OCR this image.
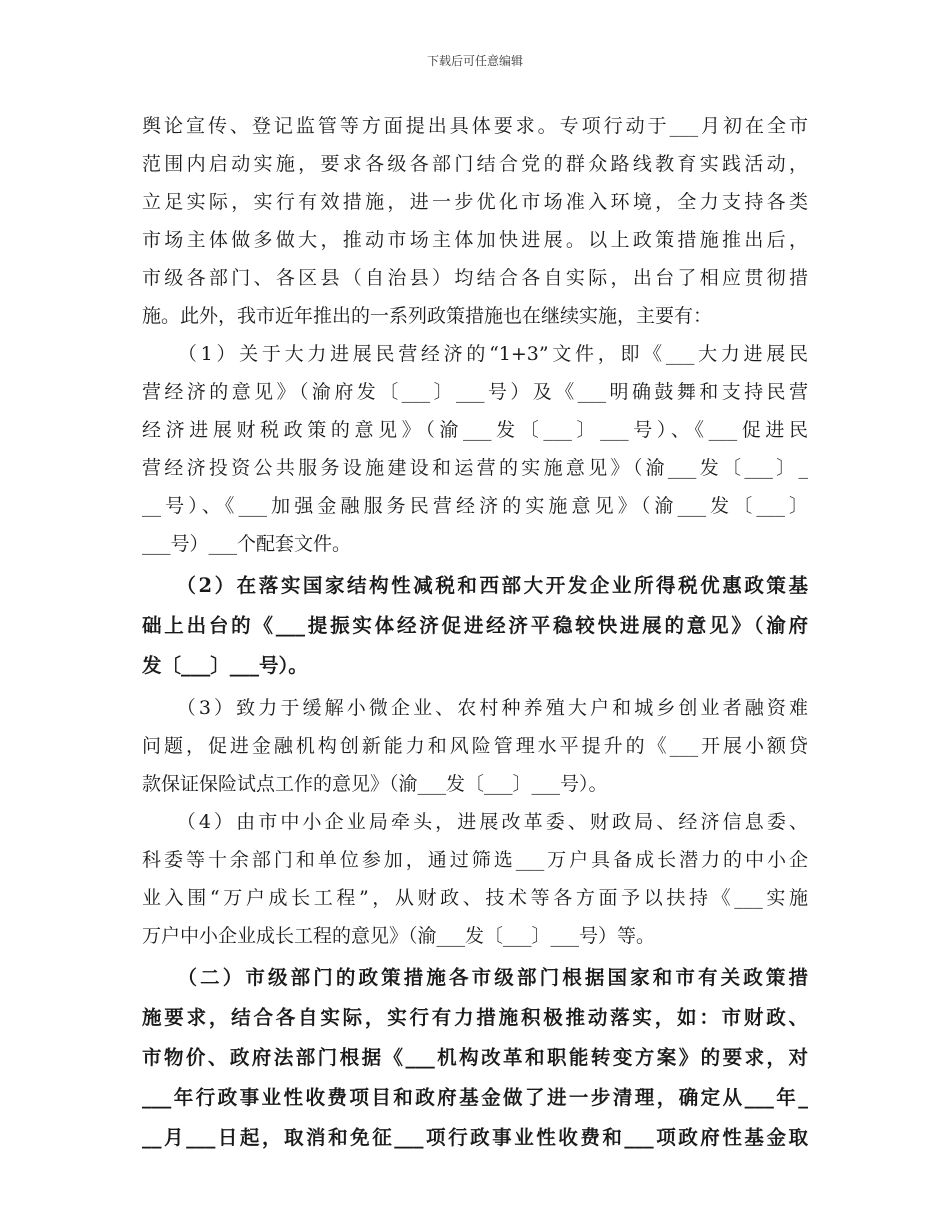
下载后可任意编辑
舆论宣传、登记监管等方面提出具体要求。专项行动于___月初在全市
范围内启动实施，要求各级各部门结合党的群众路线教育实践活动，
立足实际，实行有效措施，进一步优化市场准入环境，全力支持各类
市场主体做多做大，推动市场主体加快进展。以上政策措施推出后，
市级各部门、各区县（自治县）均结合各自实际，出台了相应贯彻措
施。此外，我市近年推出的一系列政策措施也在继续实施，主要有：
　　（1）关于大力进展民营经济的“1+3”文件，即《___大力进展民
营经济的意见》（渝府发〔___〕___号）及《___明确鼓舞和支持民营
经济进展财税政策的意见》（渝___发〔___〕___号）、《___促进民
营经济投资公共服务设施建设和运营的实施意见》（渝___发〔___〕_
__号）、《___加强金融服务民营经济的实施意见》（渝___发〔___〕
___号）___个配套文件。
　　（2）在落实国家结构性减税和西部大开发企业所得税优惠政策基
础上出台的《___提振实体经济促进经济平稳较快进展的意见》（渝府
发〔___〕___号）。
　　（3）致力于缓解小微企业、农村种养殖大户和城乡创业者融资难
问题，促进金融机构创新能力和风险管理水平提升的《___开展小额贷
款保证保险试点工作的意见》（渝___发〔___〕___号）。
　　（4）由市中小企业局牵头，进展改革委、财政局、经济信息委、
科委等十余部门和单位参加，通过筛选___万户具备成长潜力的中小企
业入围“万户成长工程”，从财政、技术等各方面予以扶持《___实施
万户中小企业成长工程的意见》（渝___发〔___〕___号）等。
　　（二）市级部门的政策措施各市级部门根据国家和市有关政策措
施要求，结合各自实际，实行有力措施积极推动落实，如：市财政、
市物价、政府法部门根据《___机构改革和职能转变方案》的要求，对
___年行政事业性收费项目和政府基金做了进一步清理，确定从___年_
__月___日起，取消和免征___项行政事业性收费和___项政府性基金取
